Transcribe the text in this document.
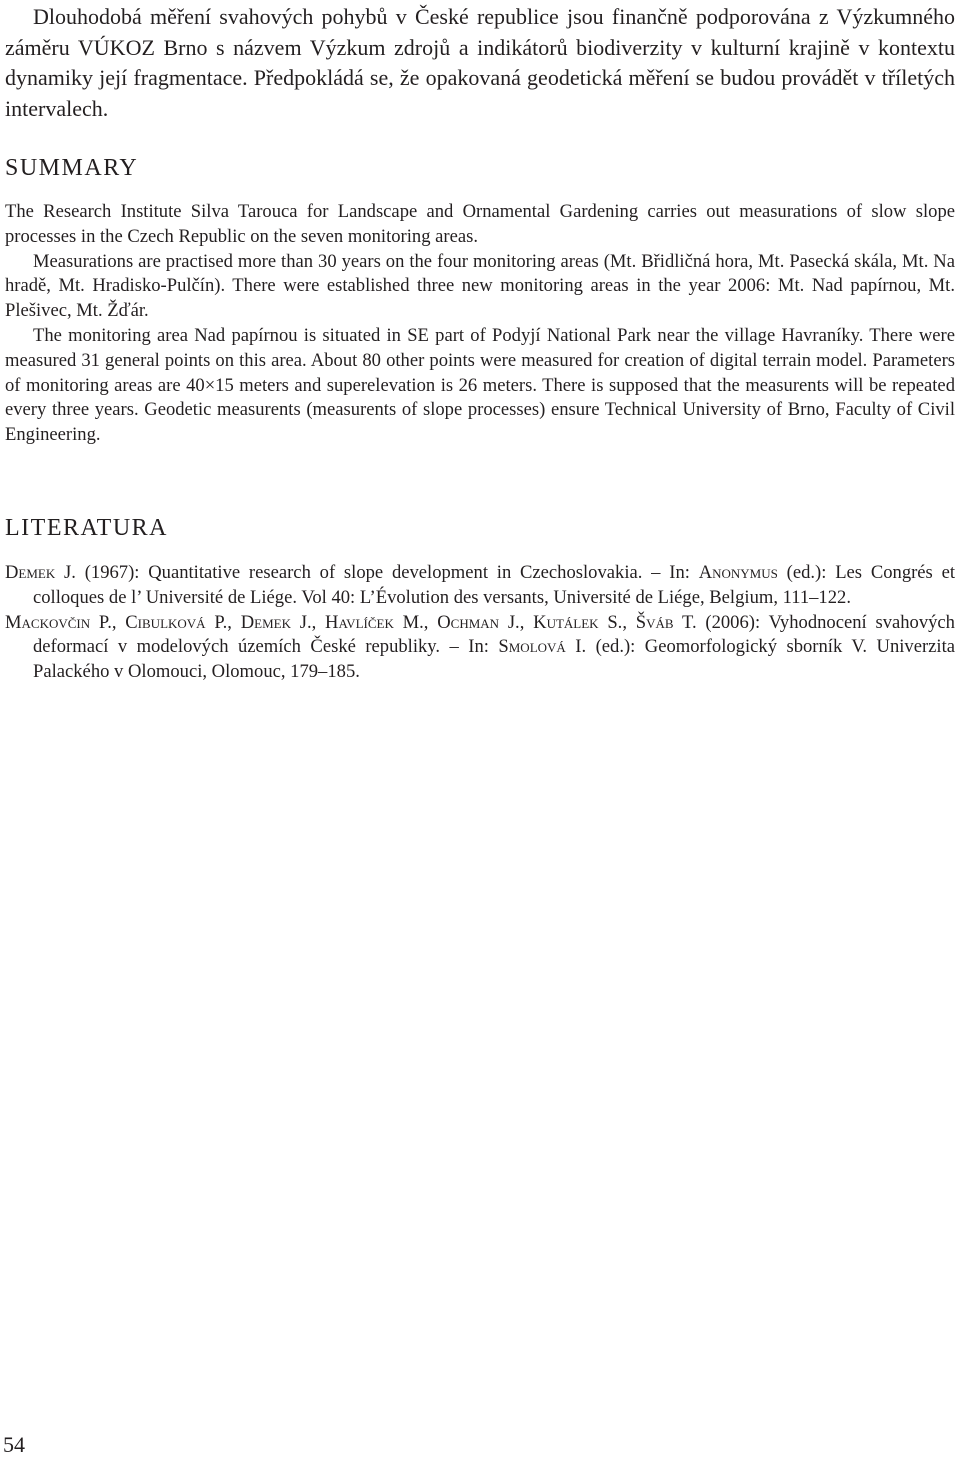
Dlouhodobá měření svahových pohybů v České republice jsou finančně podporována z Výzkumného záměru VÚKOZ Brno s názvem Výzkum zdrojů a indikátorů biodiverzity v kulturní krajině v kontextu dynamiky její fragmentace. Předpokládá se, že opakovaná geodetická měření se budou provádět v tříletých intervalech.

SUMMARY

The Research Institute Silva Tarouca for Landscape and Ornamental Gardening carries out measurations of slow slope processes in the Czech Republic on the seven monitoring areas.

Measurations are practised more than 30 years on the four monitoring areas (Mt. Břidličná hora, Mt. Pasecká skála, Mt. Na hradě, Mt. Hradisko-Pulčín). There were established three new monitoring areas in the year 2006: Mt. Nad papírnou, Mt. Plešivec, Mt. Žďár.

The monitoring area Nad papírnou is situated in SE part of Podyjí National Park near the village Havraníky. There were measured 31 general points on this area. About 80 other points were measured for creation of digital terrain model. Parameters of monitoring areas are 40×15 meters and superelevation is 26 meters. There is supposed that the measurents will be repeated every three years. Geodetic measurents (measurents of slope processes) ensure Technical University of Brno, Faculty of Civil Engineering.

LITERATURA

Demek J. (1967): Quantitative research of slope development in Czechoslovakia. – In: Anonymus (ed.): Les Congrés et colloques de l’ Université de Liége. Vol 40: L’Évolution des versants, Université de Liége, Belgium, 111–122.

Mackovčin P., Cibulková P., Demek J., Havlíček M., Ochman J., Kutálek S., Šváb T. (2006): Vyhodnocení svahových deformací v modelových územích České republiky. – In: Smolová I. (ed.): Geomorfologický sborník V. Univerzita Palackého v Olomouci, Olomouc, 179–185.

54
